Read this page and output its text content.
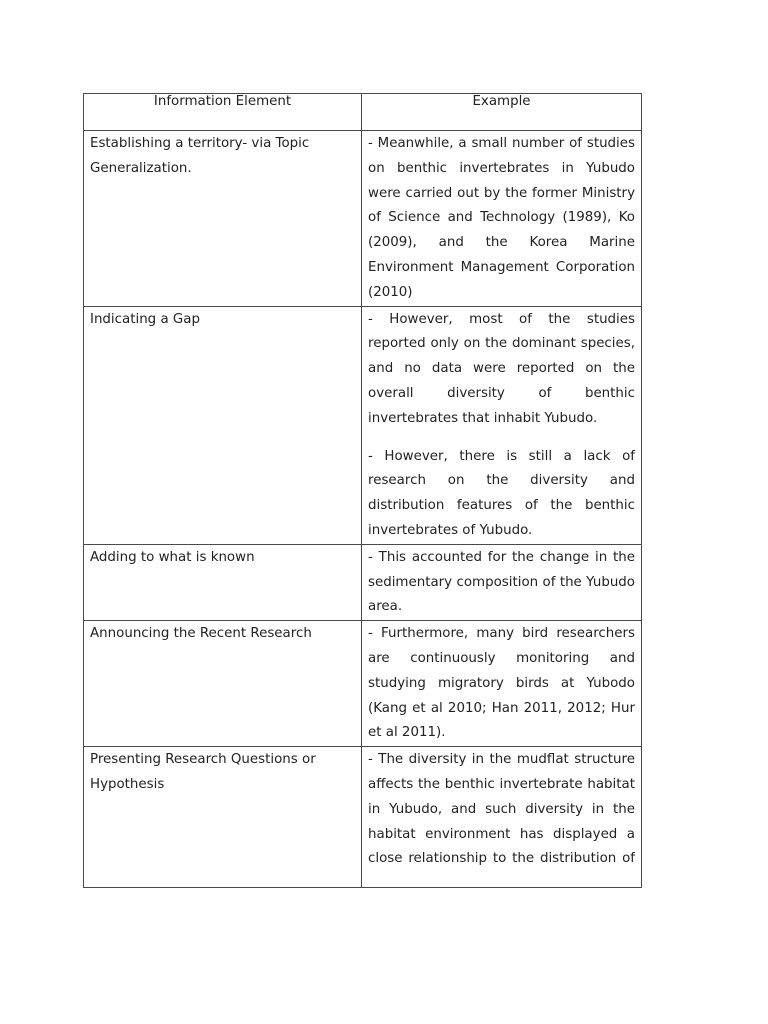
Information Element	Example
Establishing a territory- via Topic Generalization.	- Meanwhile, a small number of studies on benthic invertebrates in Yubudo were carried out by the former Ministry of Science and Technology (1989), Ko (2009), and the Korea Marine Environment Management Corporation (2010)

Indicating a Gap	- However, most of the studies reported only on the dominant species, and no data were reported on the overall diversity of benthic invertebrates that inhabit Yubudo.

- However, there is still a lack of research on the diversity and distribution features of the benthic invertebrates of Yubudo.

Adding to what is known	- This accounted for the change in the sedimentary composition of the Yubudo area.

Announcing the Recent Research	- Furthermore, many bird researchers are continuously monitoring and studying migratory birds at Yubodo (Kang et al 2010; Han 2011, 2012; Hur et al 2011).

Presenting Research Questions or Hypothesis	- The diversity in the mudflat structure affects the benthic invertebrate habitat in Yubudo, and such diversity in the habitat environment has displayed a close relationship to the distribution of
